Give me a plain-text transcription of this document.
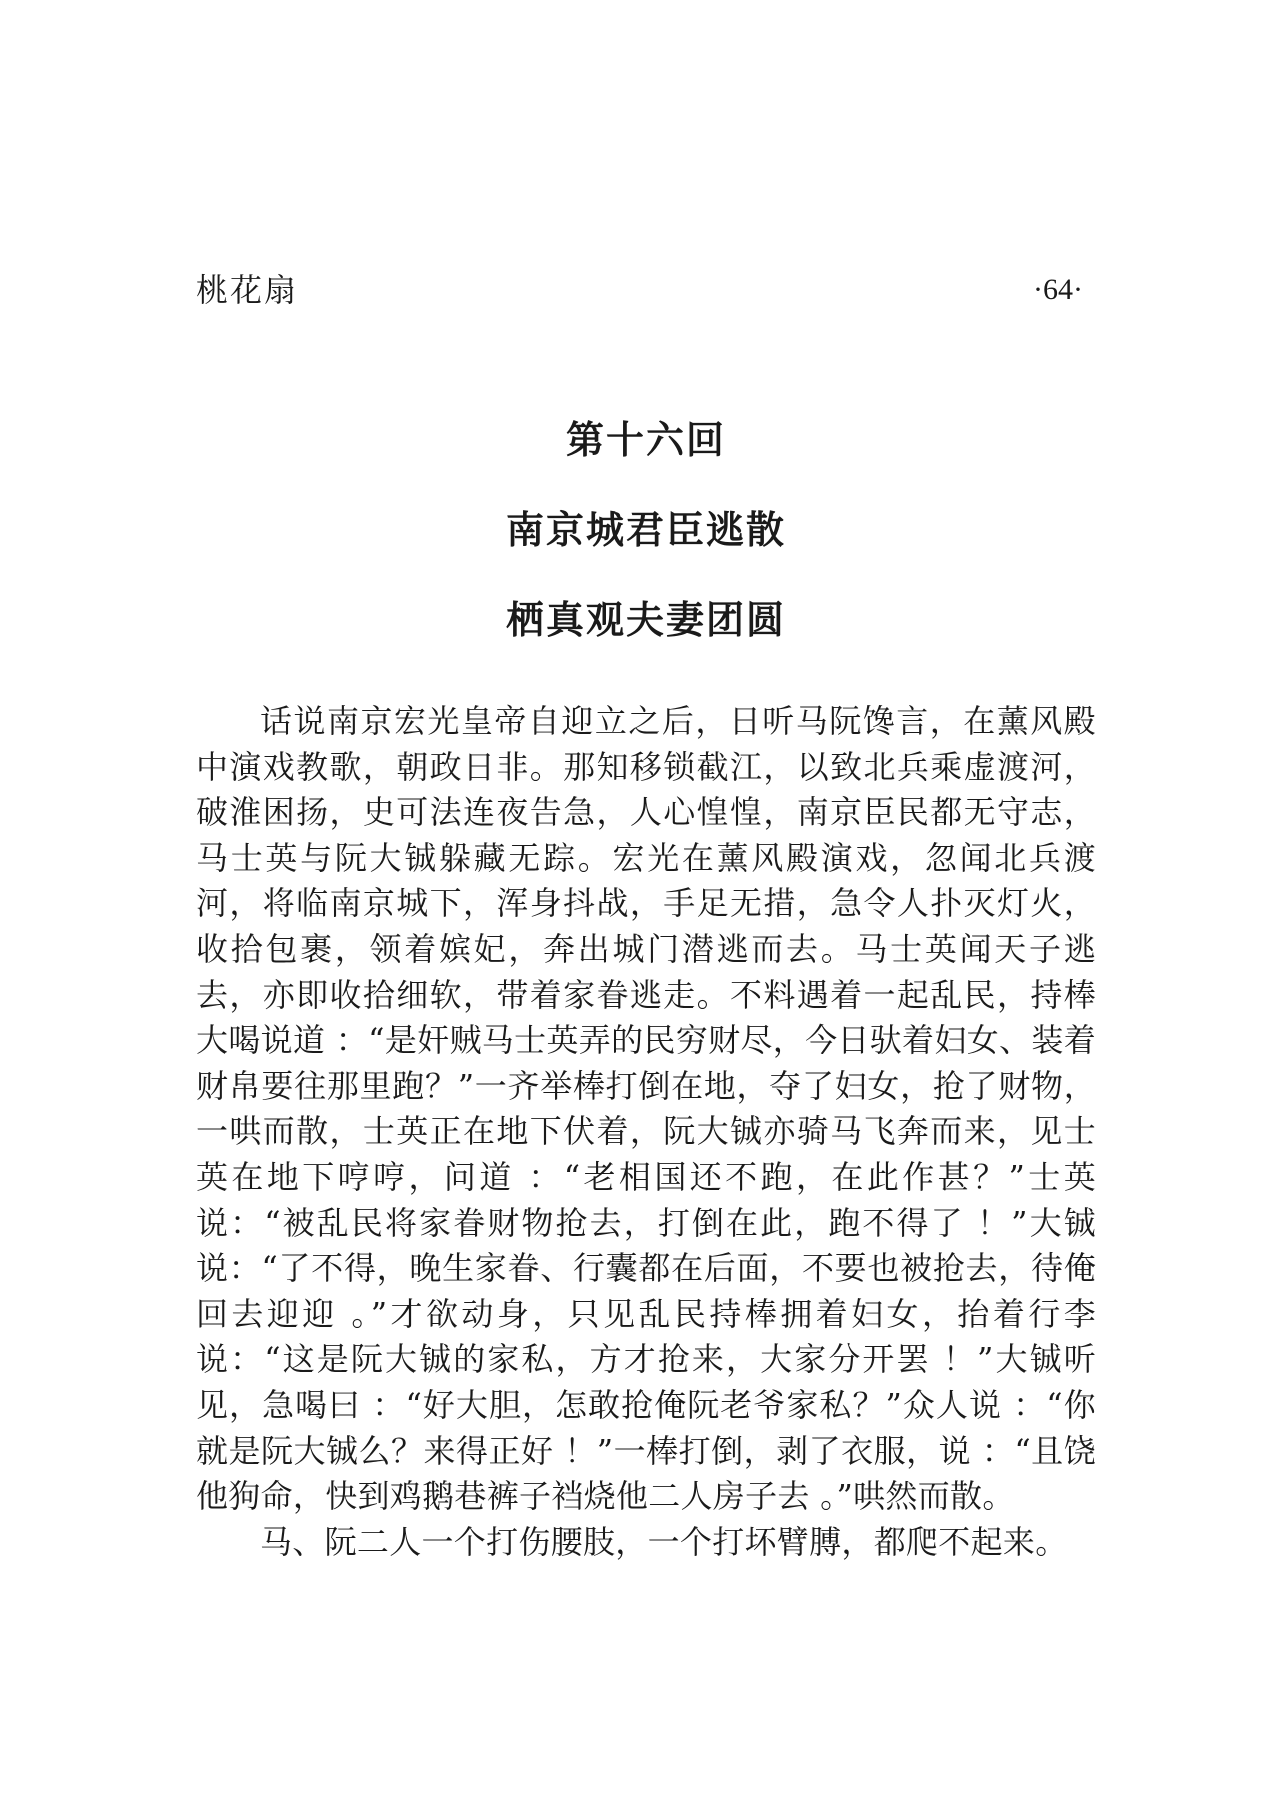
桃花扇	·64·
第十六回
南京城君臣逃散
栖真观夫妻团圆

话说南京宏光皇帝自迎立之后，日听马阮馋言，在薰风殿中演戏教歌，朝政日非。那知移锁截江，以致北兵乘虚渡河，破淮困扬，史可法连夜告急，人心惶惶，南京臣民都无守志，马士英与阮大铖躲藏无踪。宏光在薰风殿演戏，忽闻北兵渡河，将临南京城下，浑身抖战，手足无措，急令人扑灭灯火，收拾包裹，领着嫔妃，奔出城门潜逃而去。马士英闻天子逃去，亦即收拾细软，带着家眷逃走。不料遇着一起乱民，持棒大喝说道 ：“是奸贼马士英弄的民穷财尽，今日驮着妇女、装着财帛要往那里跑？”一齐举棒打倒在地，夺了妇女，抢了财物，一哄而散，士英正在地下伏着，阮大铖亦骑马飞奔而来，见士英在地下哼哼，问道 ：“老相国还不跑，在此作甚？”士英说：“被乱民将家眷财物抢去，打倒在此，跑不得了 ！”大铖说：“了不得，晚生家眷、行囊都在后面，不要也被抢去，待俺回去迎迎 。”才欲动身，只见乱民持棒拥着妇女，抬着行李说：“这是阮大铖的家私，方才抢来，大家分开罢 ！”大铖听见，急喝曰 ：“好大胆，怎敢抢俺阮老爷家私？”众人说 ：“你就是阮大铖么？来得正好 ！”一棒打倒，剥了衣服，说 ：“且饶他狗命，快到鸡鹅巷裤子裆烧他二人房子去 。”哄然而散。

马、阮二人一个打伤腰肢，一个打坏臂膊，都爬不起来。
